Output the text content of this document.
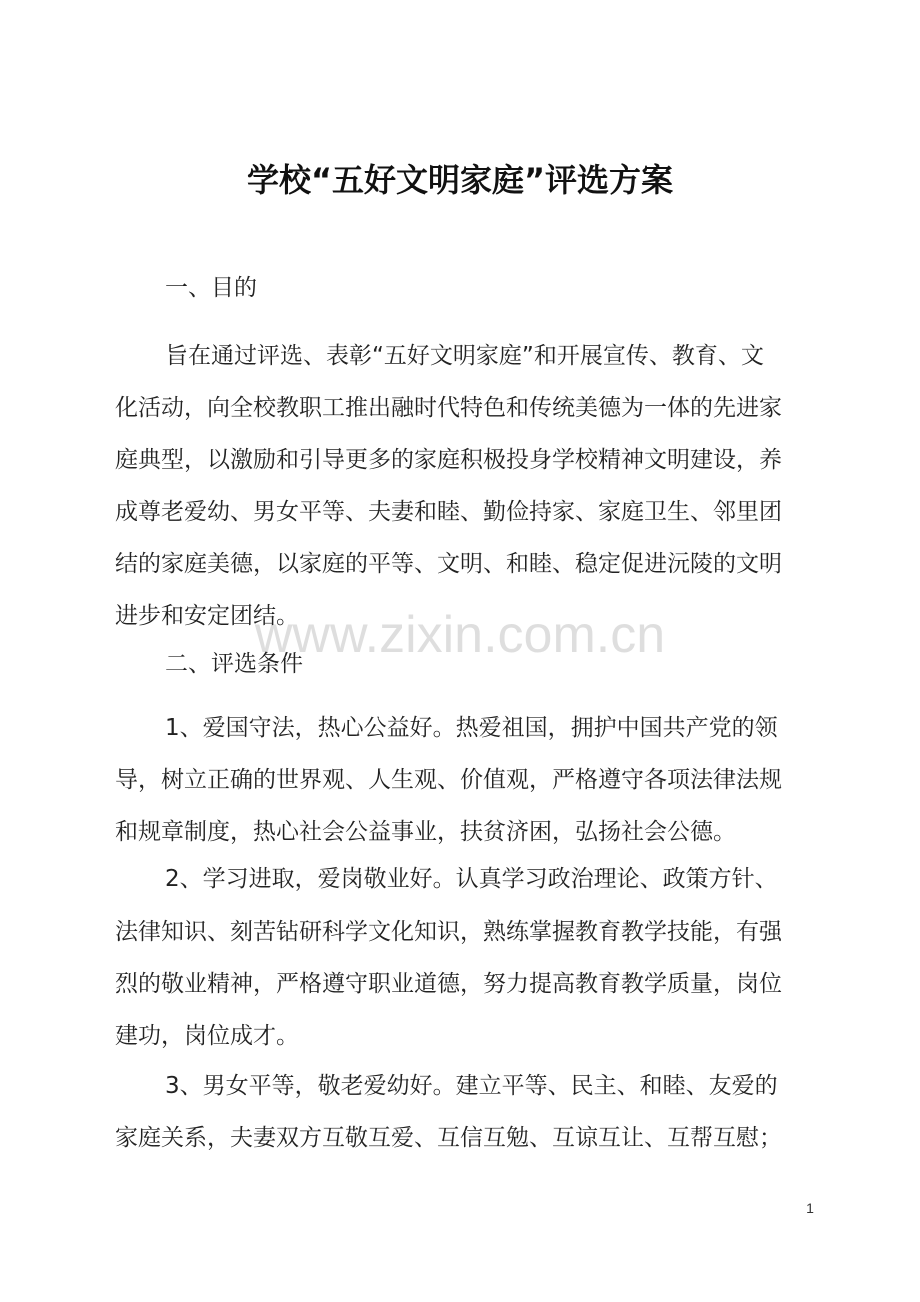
学校“五好文明家庭”评选方案
一、目的
旨在通过评选、表彰“五好文明家庭”和开展宣传、教育、文
化活动，向全校教职工推出融时代特色和传统美德为一体的先进家
庭典型，以激励和引导更多的家庭积极投身学校精神文明建设，养
成尊老爱幼、男女平等、夫妻和睦、勤俭持家、家庭卫生、邻里团
结的家庭美德，以家庭的平等、文明、和睦、稳定促进沅陵的文明
进步和安定团结。
二、评选条件
1、爱国守法，热心公益好。热爱祖国，拥护中国共产党的领
导，树立正确的世界观、人生观、价值观，严格遵守各项法律法规
和规章制度，热心社会公益事业，扶贫济困，弘扬社会公德。
2、学习进取，爱岗敬业好。认真学习政治理论、政策方针、
法律知识、刻苦钻研科学文化知识，熟练掌握教育教学技能，有强
烈的敬业精神，严格遵守职业道德，努力提高教育教学质量，岗位
建功，岗位成才。
3、男女平等，敬老爱幼好。建立平等、民主、和睦、友爱的
家庭关系，夫妻双方互敬互爱、互信互勉、互谅互让、互帮互慰；
www.zixin.com.cn
1
